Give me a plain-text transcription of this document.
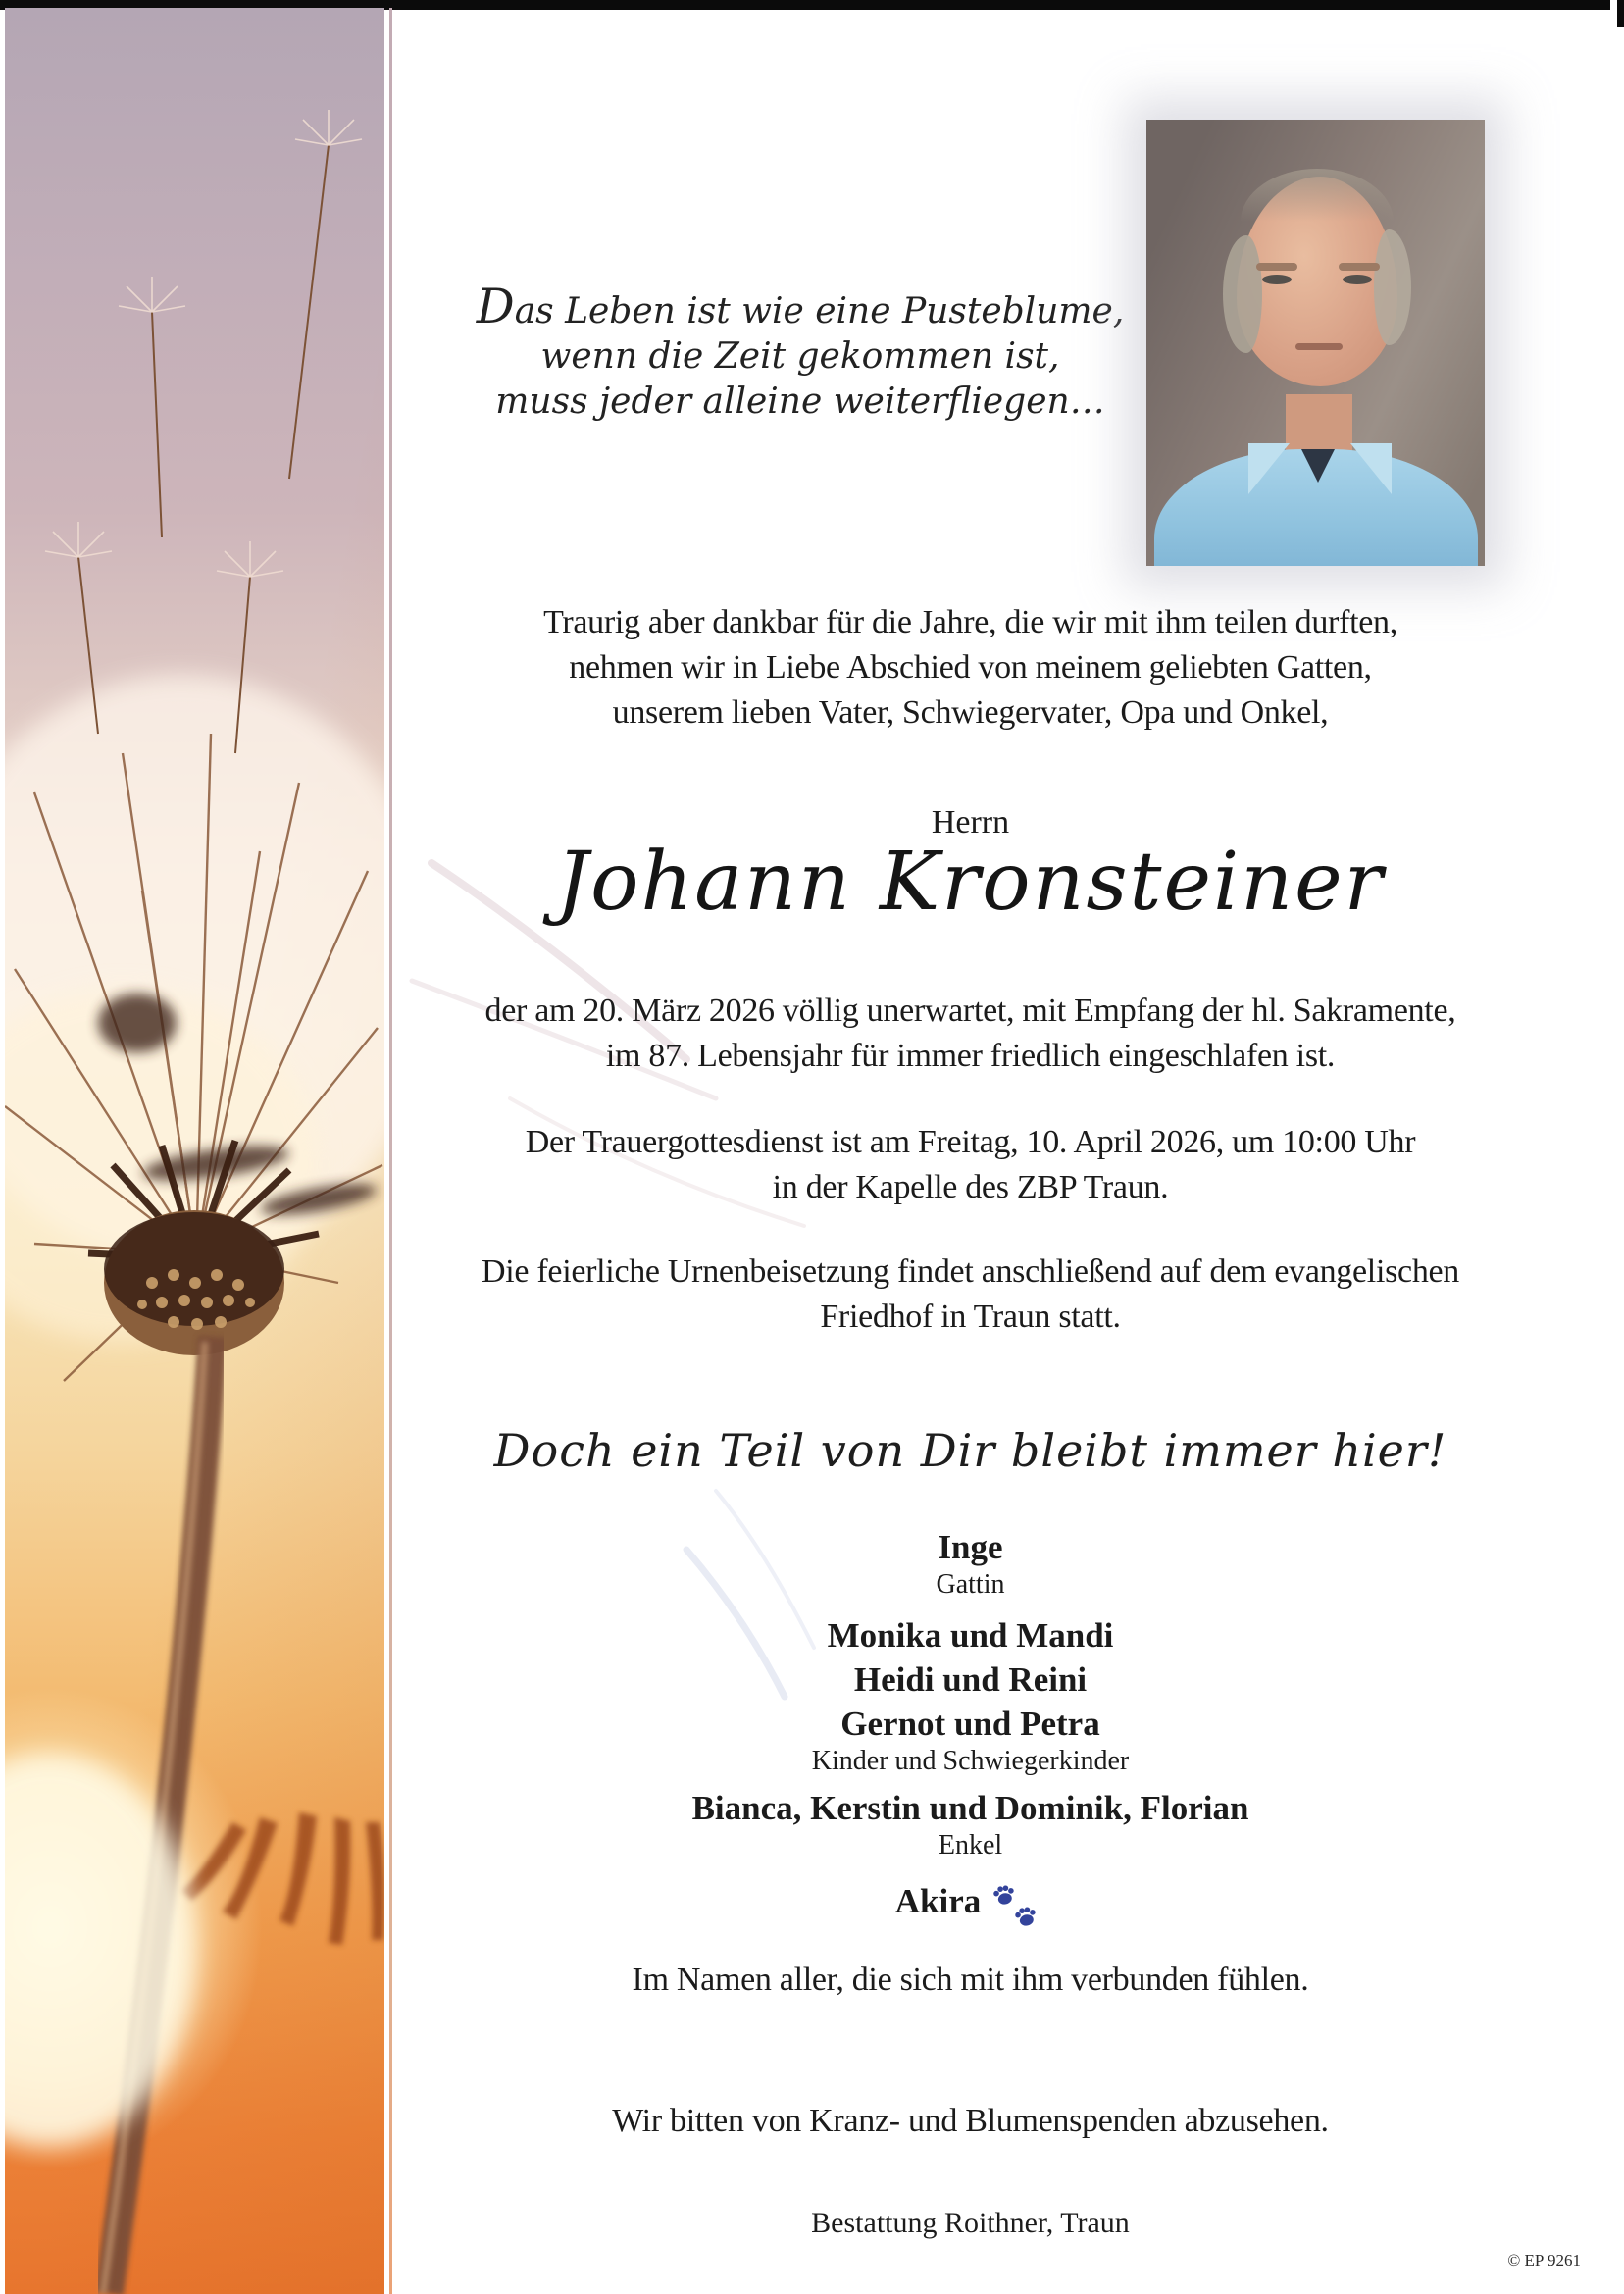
Das Leben ist wie eine Pusteblume,
wenn die Zeit gekommen ist,
muss jeder alleine weiterfliegen…
Traurig aber dankbar für die Jahre, die wir mit ihm teilen durften,
nehmen wir in Liebe Abschied von meinem geliebten Gatten,
unserem lieben Vater, Schwiegervater, Opa und Onkel,
Herrn
Johann Kronsteiner
der am 20. März 2026 völlig unerwartet, mit Empfang der hl. Sakramente,
im 87. Lebensjahr für immer friedlich eingeschlafen ist.
Der Trauergottesdienst ist am Freitag, 10. April 2026, um 10:00 Uhr
in der Kapelle des ZBP Traun.
Die feierliche Urnenbeisetzung findet anschließend auf dem evangelischen
Friedhof in Traun statt.
Doch ein Teil von Dir bleibt immer hier!
Inge
Gattin
Monika und Mandi
Heidi und Reini
Gernot und Petra
Kinder und Schwiegerkinder
Bianca, Kerstin und Dominik, Florian
Enkel
Akira
Im Namen aller, die sich mit ihm verbunden fühlen.
Wir bitten von Kranz- und Blumenspenden abzusehen.
Bestattung Roithner, Traun
© EP 9261
